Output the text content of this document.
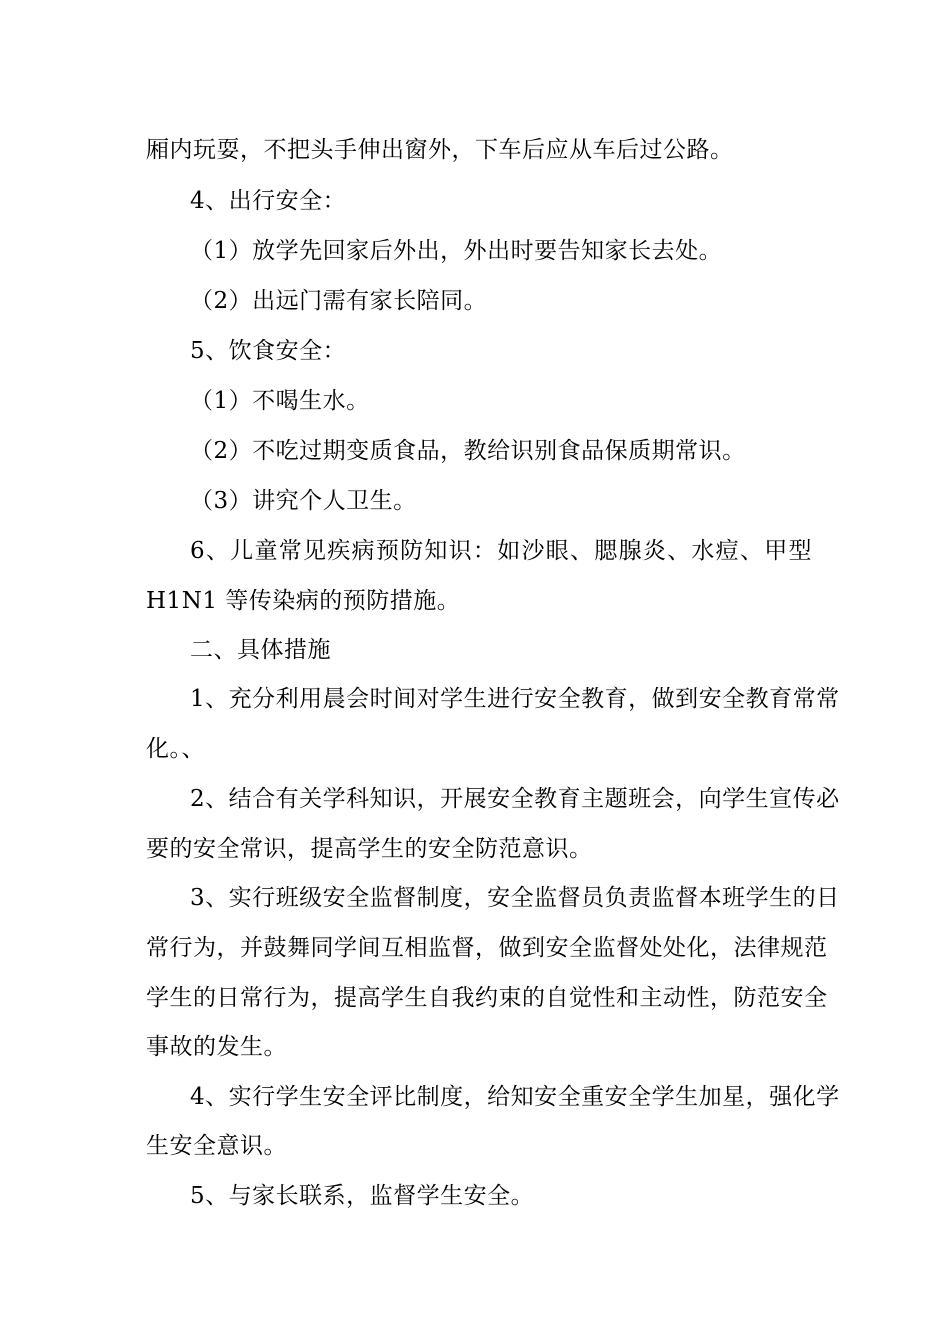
厢内玩耍，不把头手伸出窗外，下车后应从车后过公路。
4、出行安全：
（1）放学先回家后外出，外出时要告知家长去处。
（2）出远门需有家长陪同。
5、饮食安全：
（1）不喝生水。
（2）不吃过期变质食品，教给识别食品保质期常识。
（3）讲究个人卫生。
6、儿童常见疾病预防知识：如沙眼、腮腺炎、水痘、甲型
H1N1 等传染病的预防措施。
二、具体措施
1、充分利用晨会时间对学生进行安全教育，做到安全教育常常
化。、
2、结合有关学科知识，开展安全教育主题班会，向学生宣传必
要的安全常识，提高学生的安全防范意识。
3、实行班级安全监督制度，安全监督员负责监督本班学生的日
常行为，并鼓舞同学间互相监督，做到安全监督处处化，法律规范
学生的日常行为，提高学生自我约束的自觉性和主动性，防范安全
事故的发生。
4、实行学生安全评比制度，给知安全重安全学生加星，强化学
生安全意识。
5、与家长联系，监督学生安全。
